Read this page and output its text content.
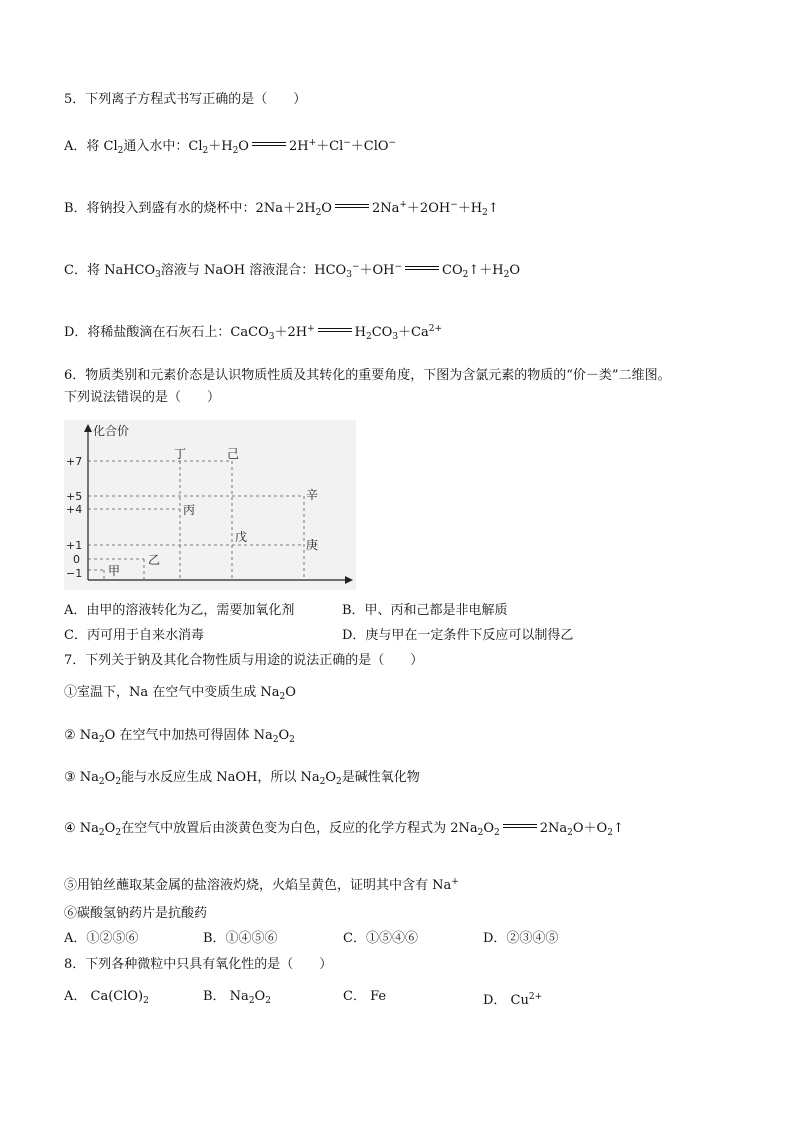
5．下列离子方程式书写正确的是（　　）
A．将 $Cl_2$通入水中：$Cl_2+H_2O$	2H+＋Cl−＋ClO−
B．将钠投入到盛有水的烧杯中：$2Na+2H_2O$	$2Na^++2OH^-+H_2↑$
C．将 NaHCO$_3$溶液与 NaOH 溶液混合：$HCO_3^-+OH^-$	$CO_2↑+H_2O$
D．将稀盐酸滴在石灰石上：CaCO$_3$＋2H+	$H_2CO_3+Ca^{2+}$
6．物质类别和元素价态是认识物质性质及其转化的重要角度，下图为含氯元素的物质的“价－类”二维图。
下列说法错误的是（　　）
化合价
+7
+5
+4
+1
0
−1
丁	己
辛
丙
戊
庚
乙
甲
A．由甲的溶液转化为乙，需要加氧化剂	B．甲、丙和己都是非电解质
C．丙可用于自来水消毒	D．庚与甲在一定条件下反应可以制得乙
7．下列关于钠及其化合物性质与用途的说法正确的是（　　）
①室温下，Na 在空气中变质生成 $Na_2O$
② $Na_2O$ 在空气中加热可得固体 $Na_2O_2$
③ $Na_2O_2$能与水反应生成 NaOH，所以 $Na_2O_2$是碱性氧化物
④ $Na_2O_2$在空气中放置后由淡黄色变为白色，反应的化学方程式为 $2Na_2O_2$	$2Na_2O+O_2↑$
⑤用铂丝蘸取某金属的盐溶液灼烧，火焰呈黄色，证明其中含有 Na+
⑥碳酸氢钠药片是抗酸药
A．①②⑤⑥	B．①④⑤⑥	C．①⑤④⑥	D．②③④⑤
8．下列各种微粒中只具有氧化性的是（　　）
A． $Ca(ClO)_2$	B． $Na_2O_2$	C． Fe	D． $Cu^{2+}$
